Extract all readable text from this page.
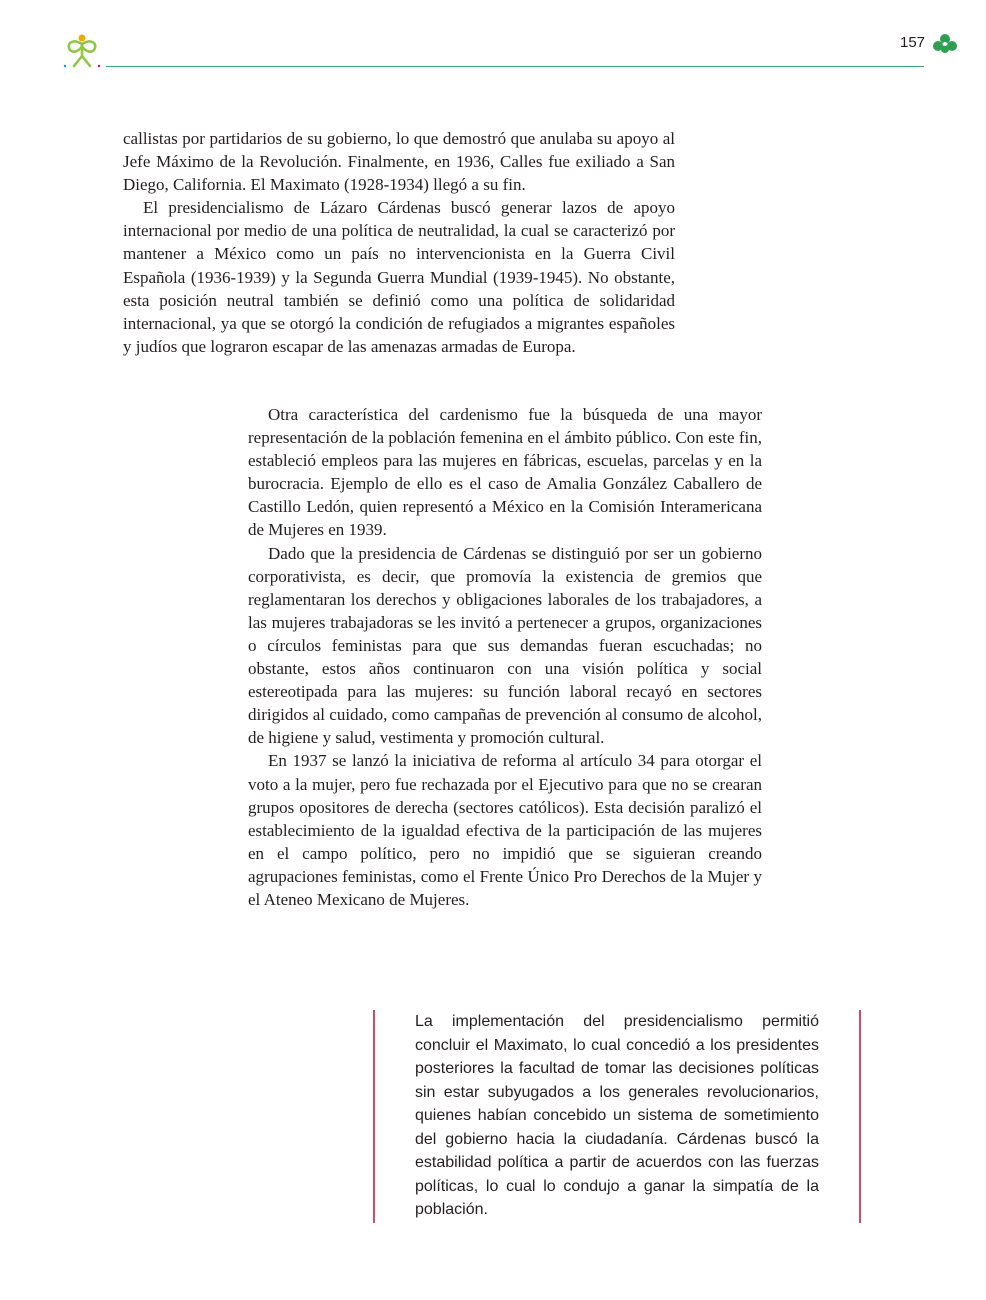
157

callistas por partidarios de su gobierno, lo que demostró que anulaba su apoyo al Jefe Máximo de la Revolución. Finalmente, en 1936, Calles fue exiliado a San Diego, California. El Maximato (1928-1934) llegó a su fin.

El presidencialismo de Lázaro Cárdenas buscó generar lazos de apoyo internacional por medio de una política de neutralidad, la cual se caracterizó por mantener a México como un país no intervencionista en la Guerra Civil Española (1936-1939) y la Segunda Guerra Mundial (1939-1945). No obstante, esta posición neutral también se definió como una política de solidaridad internacional, ya que se otorgó la condición de refugiados a migrantes españoles y judíos que lograron escapar de las amenazas armadas de Europa.

Otra característica del cardenismo fue la búsqueda de una mayor representación de la población femenina en el ámbito público. Con este fin, estableció empleos para las mujeres en fábricas, escuelas, parcelas y en la burocracia. Ejemplo de ello es el caso de Amalia González Caballero de Castillo Ledón, quien representó a México en la Comisión Interamericana de Mujeres en 1939.

Dado que la presidencia de Cárdenas se distinguió por ser un gobierno corporativista, es decir, que promovía la existencia de gremios que reglamentaran los derechos y obligaciones laborales de los trabajadores, a las mujeres trabajadoras se les invitó a pertenecer a grupos, organizaciones o círculos feministas para que sus demandas fueran escuchadas; no obstante, estos años continuaron con una visión política y social estereotipada para las mujeres: su función laboral recayó en sectores dirigidos al cuidado, como campañas de prevención al consumo de alcohol, de higiene y salud, vestimenta y promoción cultural.

En 1937 se lanzó la iniciativa de reforma al artículo 34 para otorgar el voto a la mujer, pero fue rechazada por el Ejecutivo para que no se crearan grupos opositores de derecha (sectores católicos). Esta decisión paralizó el establecimiento de la igualdad efectiva de la participación de las mujeres en el campo político, pero no impidió que se siguieran creando agrupaciones feministas, como el Frente Único Pro Derechos de la Mujer y el Ateneo Mexicano de Mujeres.

La implementación del presidencialismo permitió concluir el Maximato, lo cual concedió a los presidentes posteriores la facultad de tomar las decisiones políticas sin estar subyugados a los generales revolucionarios, quienes habían concebido un sistema de sometimiento del gobierno hacia la ciudadanía. Cárdenas buscó la estabilidad política a partir de acuerdos con las fuerzas políticas, lo cual lo condujo a ganar la simpatía de la población.
